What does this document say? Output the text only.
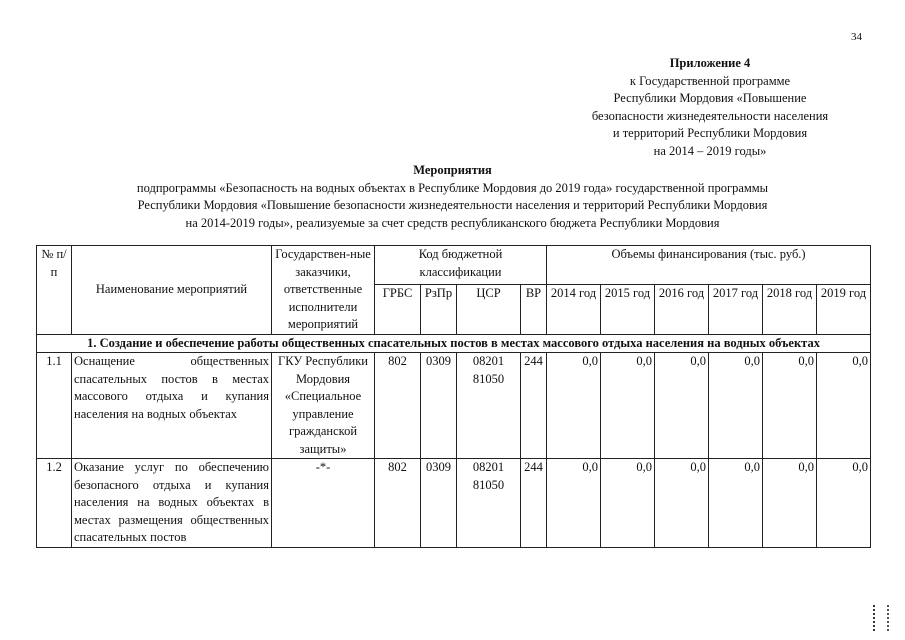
34
Приложение 4
к Государственной программе
Республики Мордовия «Повышение
безопасности жизнедеятельности населения
и территорий Республики Мордовия
на 2014 – 2019 годы»
Мероприятия
подпрограммы «Безопасность на водных объектах в Республике Мордовия до 2019 года» государственной программы
Республики Мордовия «Повышение безопасности жизнедеятельности населения и территорий Республики Мордовия
на 2014-2019 годы», реализуемые за счет средств республиканского бюджета Республики Мордовия
№ п/п	Наименование мероприятий	Государствен-ные заказчики, ответственные исполнители мероприятий	Код бюджетной классификации				Объемы финансирования (тыс. руб.)					
			ГРБС	РзПр	ЦСР	ВР	2014 год	2015 год	2016 год	2017 год	2018 год	2019 год
1. Создание и обеспечение работы общественных спасательных постов в местах массового отдыха населения на водных объектах												
1.1	Оснащение общественных спасательных постов в местах массового отдыха и купания населения на водных объектах	ГКУ Республики Мордовия «Специальное управление гражданской защиты»	802	0309	08201 81050	244	0,0	0,0	0,0	0,0	0,0	0,0
1.2	Оказание услуг по обеспечению безопасного отдыха и купания населения на водных объектах в местах размещения общественных спасательных постов	-*-	802	0309	08201 81050	244	0,0	0,0	0,0	0,0	0,0	0,0
